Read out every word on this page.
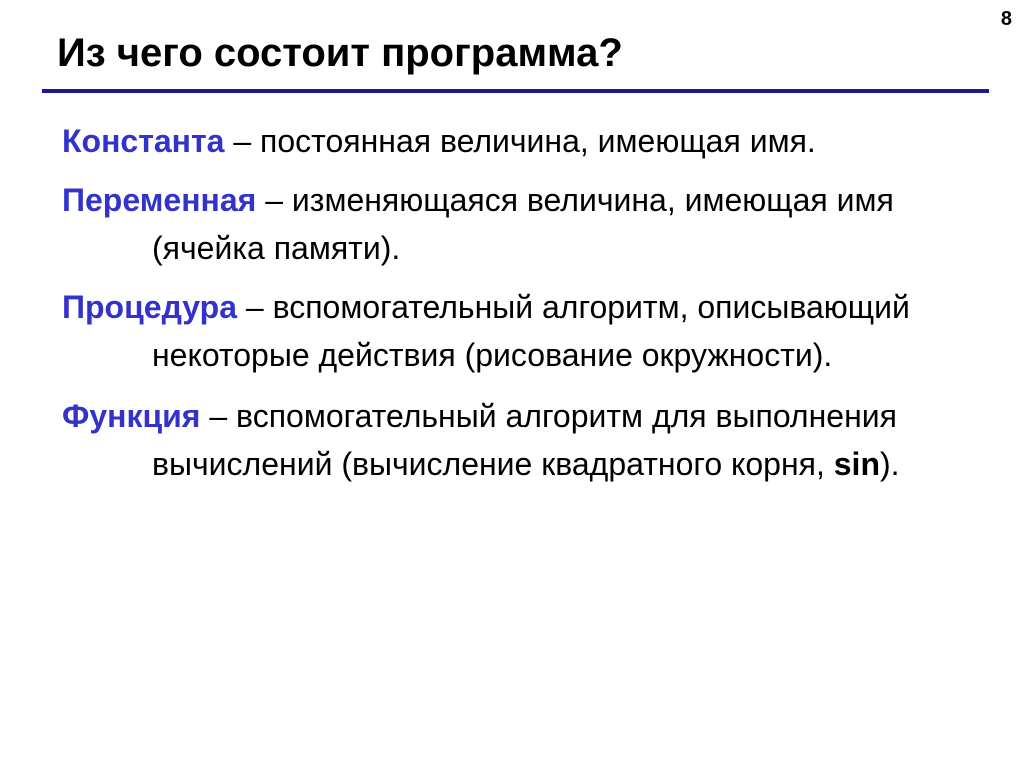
8
Из чего состоит программа?
Константа – постоянная величина, имеющая имя.
Переменная – изменяющаяся величина, имеющая имя (ячейка памяти).
Процедура – вспомогательный алгоритм, описывающий некоторые действия (рисование окружности).
Функция – вспомогательный алгоритм для выполнения вычислений (вычисление квадратного корня, sin).
